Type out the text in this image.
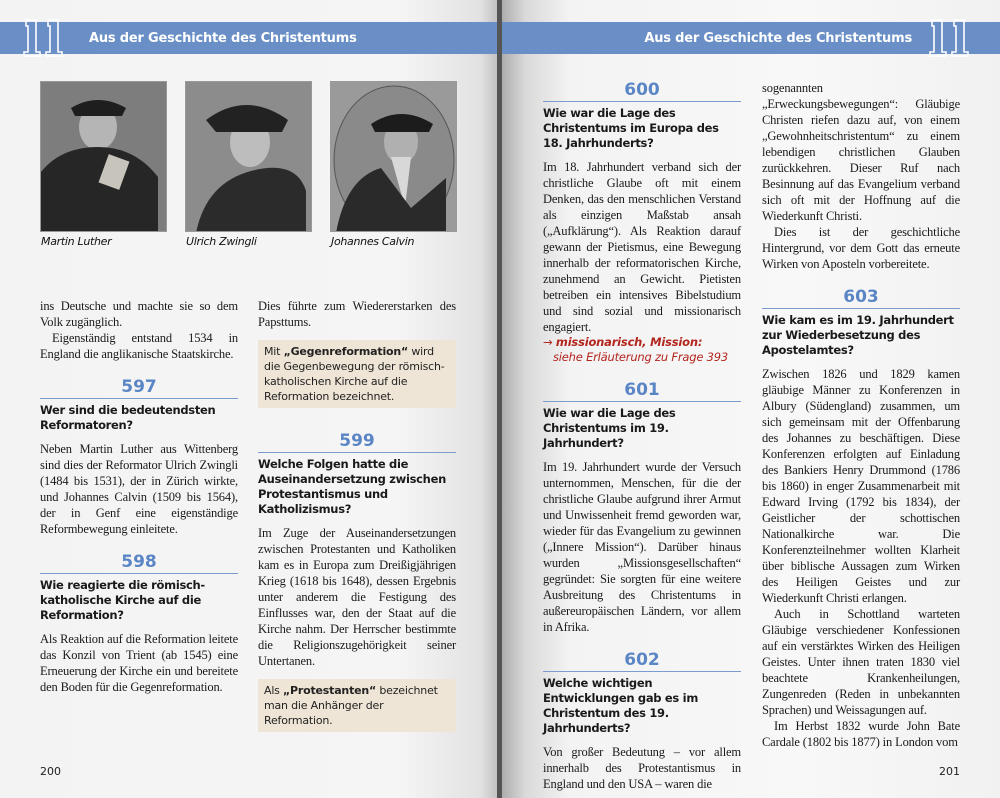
Aus der Geschichte des Christentums
Martin Luther	Ulrich Zwingli	Johannes Calvin

ins Deutsche und machte sie so dem Volk zugänglich.

Eigenständig entstand 1534 in England die anglikanische Staatskirche.

597
Wer sind die bedeutendsten Reformatoren?

Neben Martin Luther aus Wittenberg sind dies der Reformator Ulrich Zwingli (1484 bis 1531), der in Zürich wirkte, und Johannes Calvin (1509 bis 1564), der in Genf eine eigenständige Reformbewegung einleitete.

598
Wie reagierte die römisch-katholische Kirche auf die Reformation?

Als Reaktion auf die Reformation leitete das Konzil von Trient (ab 1545) eine Erneuerung der Kirche ein und bereitete den Boden für die Gegenreformation.

Dies führte zum Wiedererstarken des Papsttums.

Mit „Gegenreformation“ wird die Gegenbewegung der römisch-katholischen Kirche auf die Reformation bezeichnet.
599
Welche Folgen hatte die Auseinandersetzung zwischen Protestantismus und Katholizismus?

Im Zuge der Auseinandersetzungen zwischen Protestanten und Katholiken kam es in Europa zum Dreißigjährigen Krieg (1618 bis 1648), dessen Ergebnis unter anderem die Festigung des Einflusses war, den der Staat auf die Kirche nahm. Der Herrscher bestimmte die Religionszugehörigkeit seiner Untertanen.

Als „Protestanten“ bezeichnet man die Anhänger der Reformation.
200
Aus der Geschichte des Christentums
600
Wie war die Lage des Christentums im Europa des 18. Jahrhunderts?

Im 18. Jahrhundert verband sich der christliche Glaube oft mit einem Denken, das den menschlichen Verstand als einzigen Maßstab ansah („Aufklärung“). Als Reaktion darauf gewann der Pietismus, eine Bewegung innerhalb der reformatorischen Kirche, zunehmend an Gewicht. Pietisten betreiben ein intensives Bibelstudium und sind sozial und missionarisch engagiert.

→ missionarisch, Mission:
siehe Erläuterung zu Frage 393
601
Wie war die Lage des Christentums im 19. Jahrhundert?

Im 19. Jahrhundert wurde der Versuch unternommen, Menschen, für die der christliche Glaube aufgrund ihrer Armut und Unwissenheit fremd geworden war, wieder für das Evangelium zu gewinnen („Innere Mission“). Darüber hinaus wurden „Missionsgesellschaften“ gegründet: Sie sorgten für eine weitere Ausbreitung des Christentums in außereuropäischen Ländern, vor allem in Afrika.

602
Welche wichtigen Entwicklungen gab es im Christentum des 19. Jahrhunderts?

Von großer Bedeutung – vor allem innerhalb des Protestantismus in England und den USA – waren die

sogenannten „Erweckungsbewegungen“: Gläubige Christen riefen dazu auf, von einem „Gewohnheitschristentum“ zu einem lebendigen christlichen Glauben zurückkehren. Dieser Ruf nach Besinnung auf das Evangelium verband sich oft mit der Hoffnung auf die Wiederkunft Christi.

Dies ist der geschichtliche Hintergrund, vor dem Gott das erneute Wirken von Aposteln vorbereitete.

603
Wie kam es im 19. Jahrhundert zur Wiederbesetzung des Apostelamtes?

Zwischen 1826 und 1829 kamen gläubige Männer zu Konferenzen in Albury (Südengland) zusammen, um sich gemeinsam mit der Offenbarung des Johannes zu beschäftigen. Diese Konferenzen erfolgten auf Einladung des Bankiers Henry Drummond (1786 bis 1860) in enger Zusammenarbeit mit Edward Irving (1792 bis 1834), der Geistlicher der schottischen Nationalkirche war. Die Konferenzteilnehmer wollten Klarheit über biblische Aussagen zum Wirken des Heiligen Geistes und zur Wiederkunft Christi erlangen.

Auch in Schottland warteten Gläubige verschiedener Konfessionen auf ein verstärktes Wirken des Heiligen Geistes. Unter ihnen traten 1830 viel beachtete Krankenheilungen, Zungenreden (Reden in unbekannten Sprachen) und Weissagungen auf.

Im Herbst 1832 wurde John Bate Cardale (1802 bis 1877) in London vom

201
